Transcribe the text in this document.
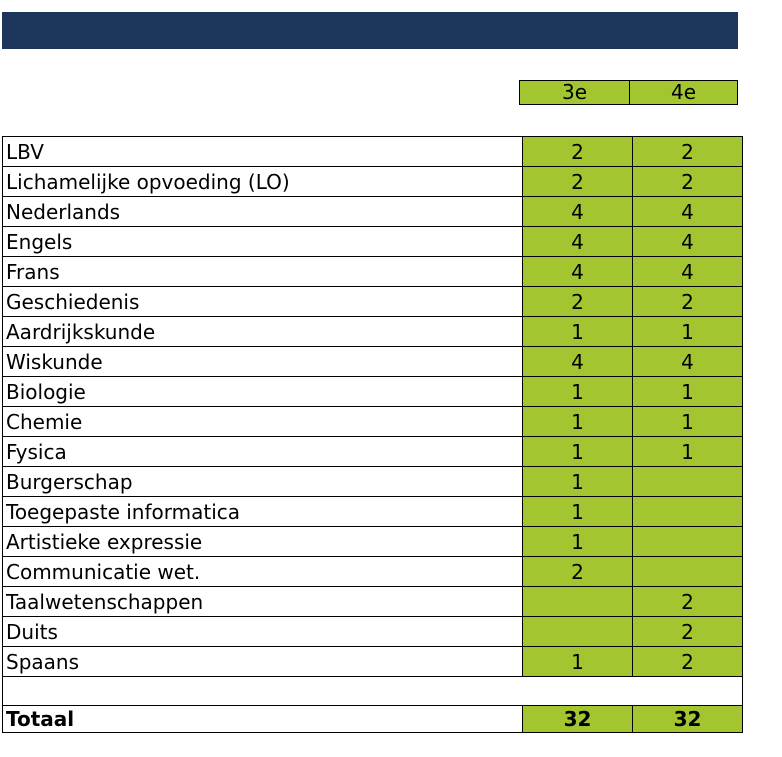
3e	4e
LBV	2	2
Lichamelijke opvoeding (LO)	2	2
Nederlands	4	4
Engels	4	4
Frans	4	4
Geschiedenis	2	2
Aardrijkskunde	1	1
Wiskunde	4	4
Biologie	1	1
Chemie	1	1
Fysica	1	1
Burgerschap	1	
Toegepaste informatica	1	
Artistieke expressie	1	
Communicatie wet.	2	
Taalwetenschappen		2
Duits		2
Spaans	1	2

Totaal	32	32
